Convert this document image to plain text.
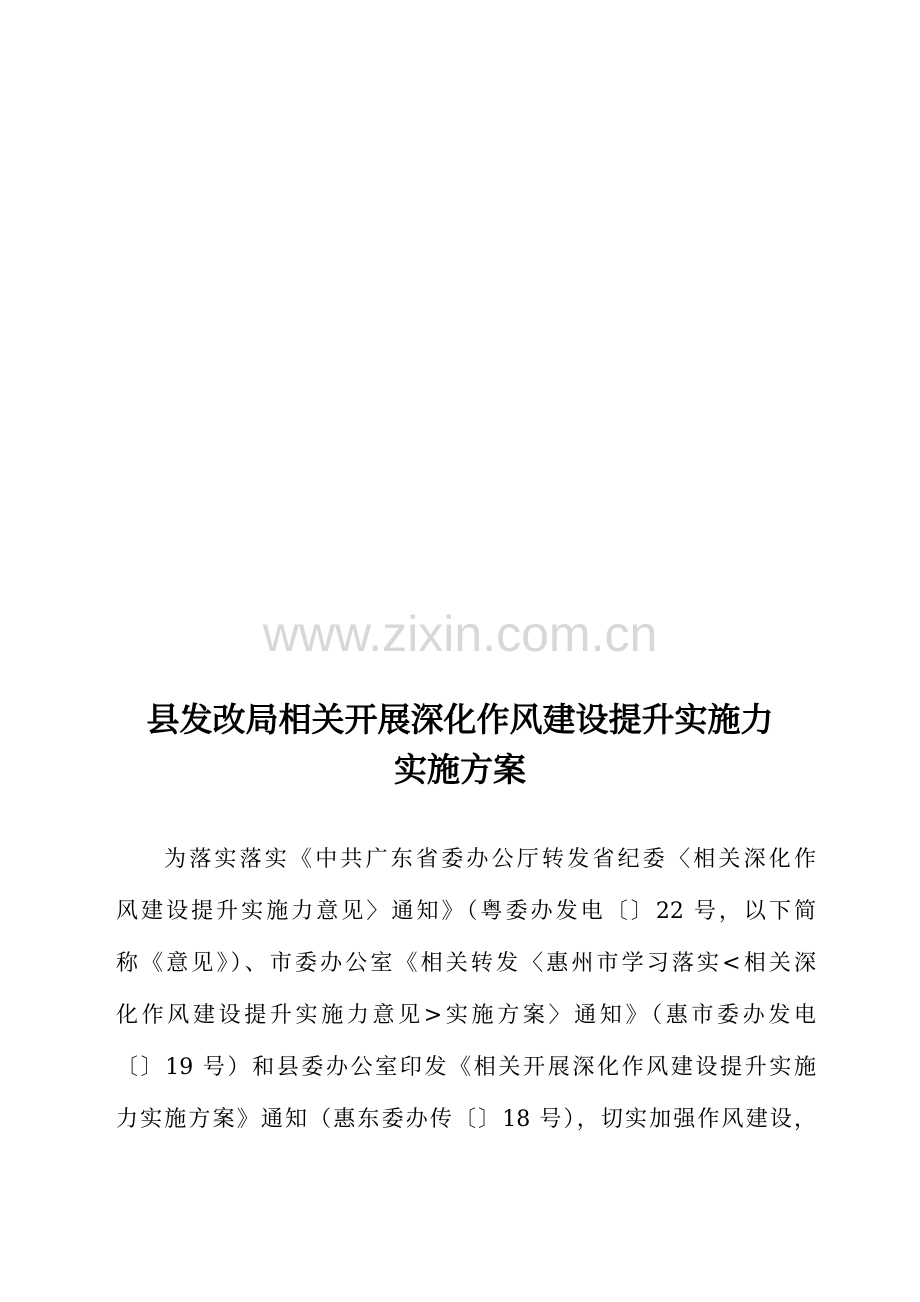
www.zixin.com.cn
县发改局相关开展深化作风建设提升实施力
实施方案
为落实落实《中共广东省委办公厅转发省纪委〈相关深化作
风建设提升实施力意见〉通知》（粤委办发电〔〕22 号，以下简
称《意见》）、市委办公室《相关转发〈惠州市学习落实<相关深
化作风建设提升实施力意见>实施方案〉通知》（惠市委办发电
〔〕19 号）和县委办公室印发《相关开展深化作风建设提升实施
力实施方案》通知（惠东委办传〔〕18 号），切实加强作风建设，
